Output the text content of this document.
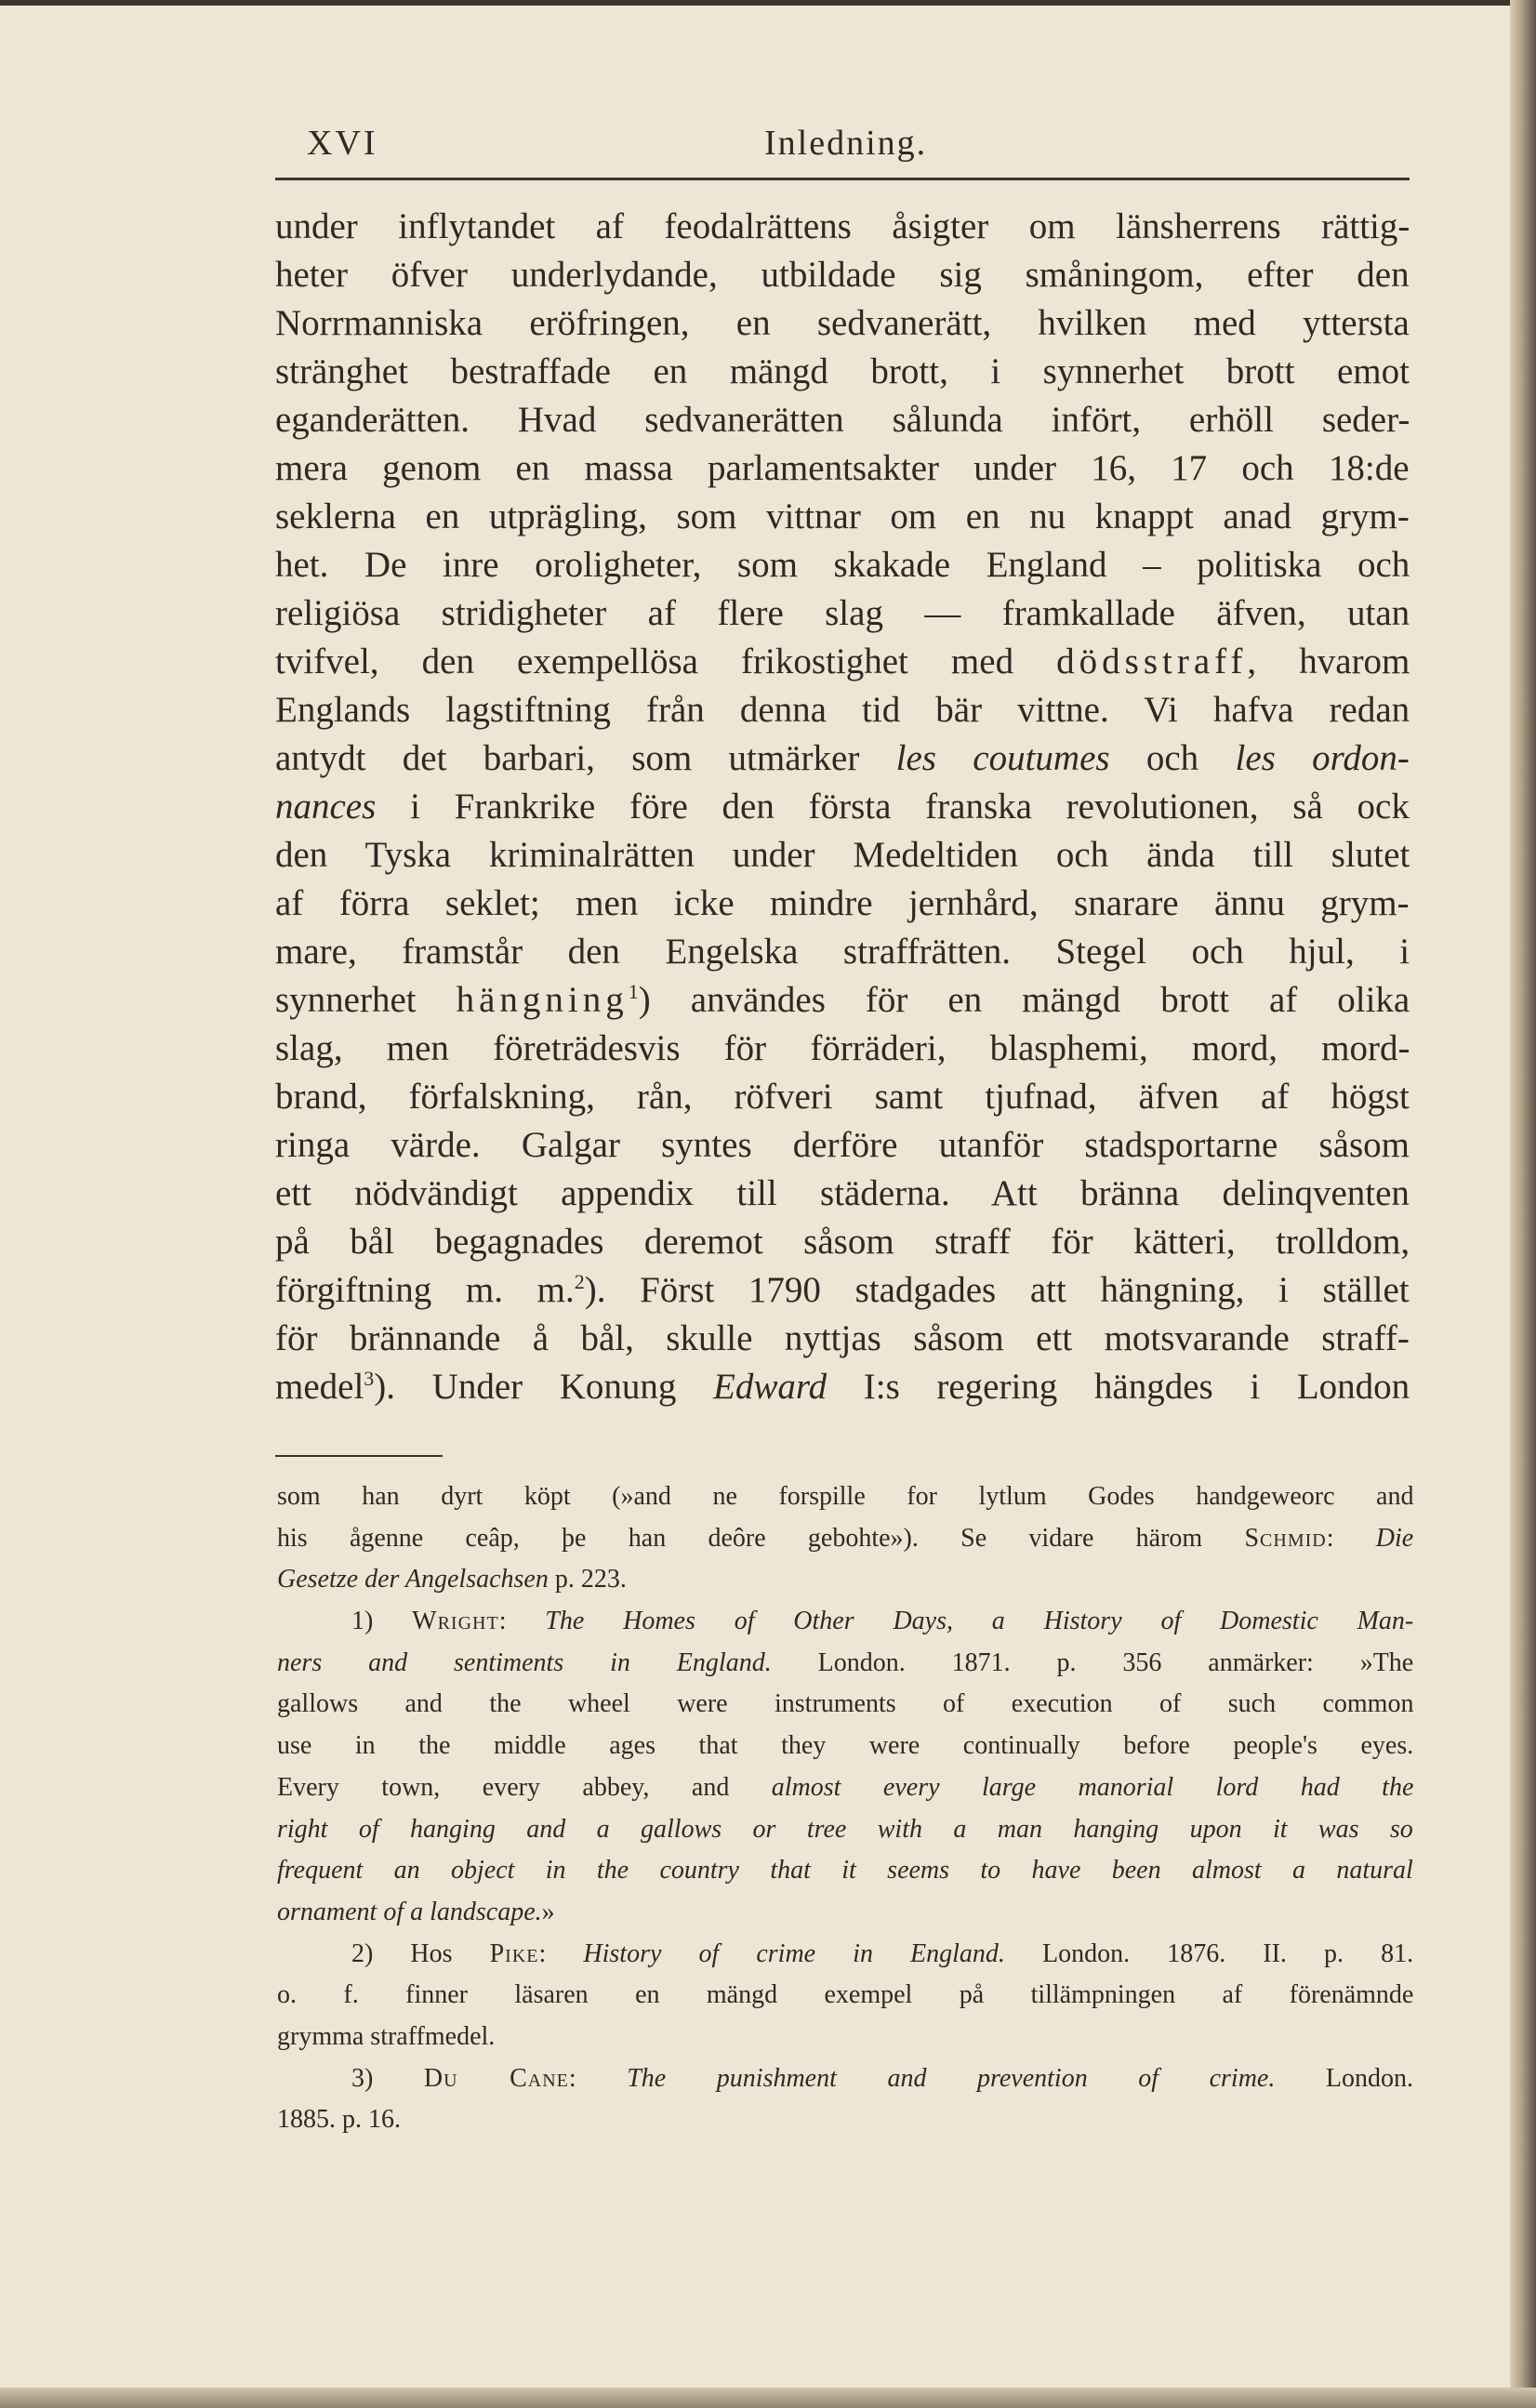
XVI	Inledning.
under inflytandet af feodalrättens åsigter om länsherrens rättig-
heter öfver underlydande, utbildade sig småningom, efter den
Norrmanniska eröfringen, en sedvanerätt, hvilken med yttersta
stränghet bestraffade en mängd brott, i synnerhet brott emot
eganderätten. Hvad sedvanerätten sålunda infört, erhöll seder-
mera genom en massa parlamentsakter under 16, 17 och 18:de
seklerna en utprägling, som vittnar om en nu knappt anad grym-
het. De inre oroligheter, som skakade England – politiska och
religiösa stridigheter af flere slag — framkallade äfven, utan
tvifvel, den exempellösa frikostighet med dödsstraff, hvarom
Englands lagstiftning från denna tid bär vittne. Vi hafva redan
antydt det barbari, som utmärker les coutumes och les ordon-
nances i Frankrike före den första franska revolutionen, så ock
den Tyska kriminalrätten under Medeltiden och ända till slutet
af förra seklet; men icke mindre jernhård, snarare ännu grym-
mare, framstår den Engelska straffrätten. Stegel och hjul, i
synnerhet hängning$^1$) användes för en mängd brott af olika
slag, men företrädesvis för förräderi, blasphemi, mord, mord-
brand, förfalskning, rån, röfveri samt tjufnad, äfven af högst
ringa värde. Galgar syntes derföre utanför stadsportarne såsom
ett nödvändigt appendix till städerna. Att bränna delinqventen
på bål begagnades deremot såsom straff för kätteri, trolldom,
förgiftning m. m.$^2$). Först 1790 stadgades att hängning, i stället
för brännande å bål, skulle nyttjas såsom ett motsvarande straff-
medel$^3$). Under Konung Edward I:s regering hängdes i London
som han dyrt köpt (»and ne forspille for lytlum Godes handgeweorc and
his ågenne ceâp, þe han deôre gebohte»). Se vidare härom Schmid: Die
Gesetze der Angelsachsen p. 223.
1) Wright: The Homes of Other Days, a History of Domestic Man-
ners and sentiments in England. London. 1871. p. 356 anmärker: »The
gallows and the wheel were instruments of execution of such common
use in the middle ages that they were continually before people's eyes.
Every town, every abbey, and almost every large manorial lord had the
right of hanging and a gallows or tree with a man hanging upon it was so
frequent an object in the country that it seems to have been almost a natural
ornament of a landscape.»
2) Hos Pike: History of crime in England. London. 1876. II. p. 81.
o. f. finner läsaren en mängd exempel på tillämpningen af förenämnde
grymma straffmedel.
3) Du Cane: The punishment and prevention of crime. London.
1885. p. 16.
